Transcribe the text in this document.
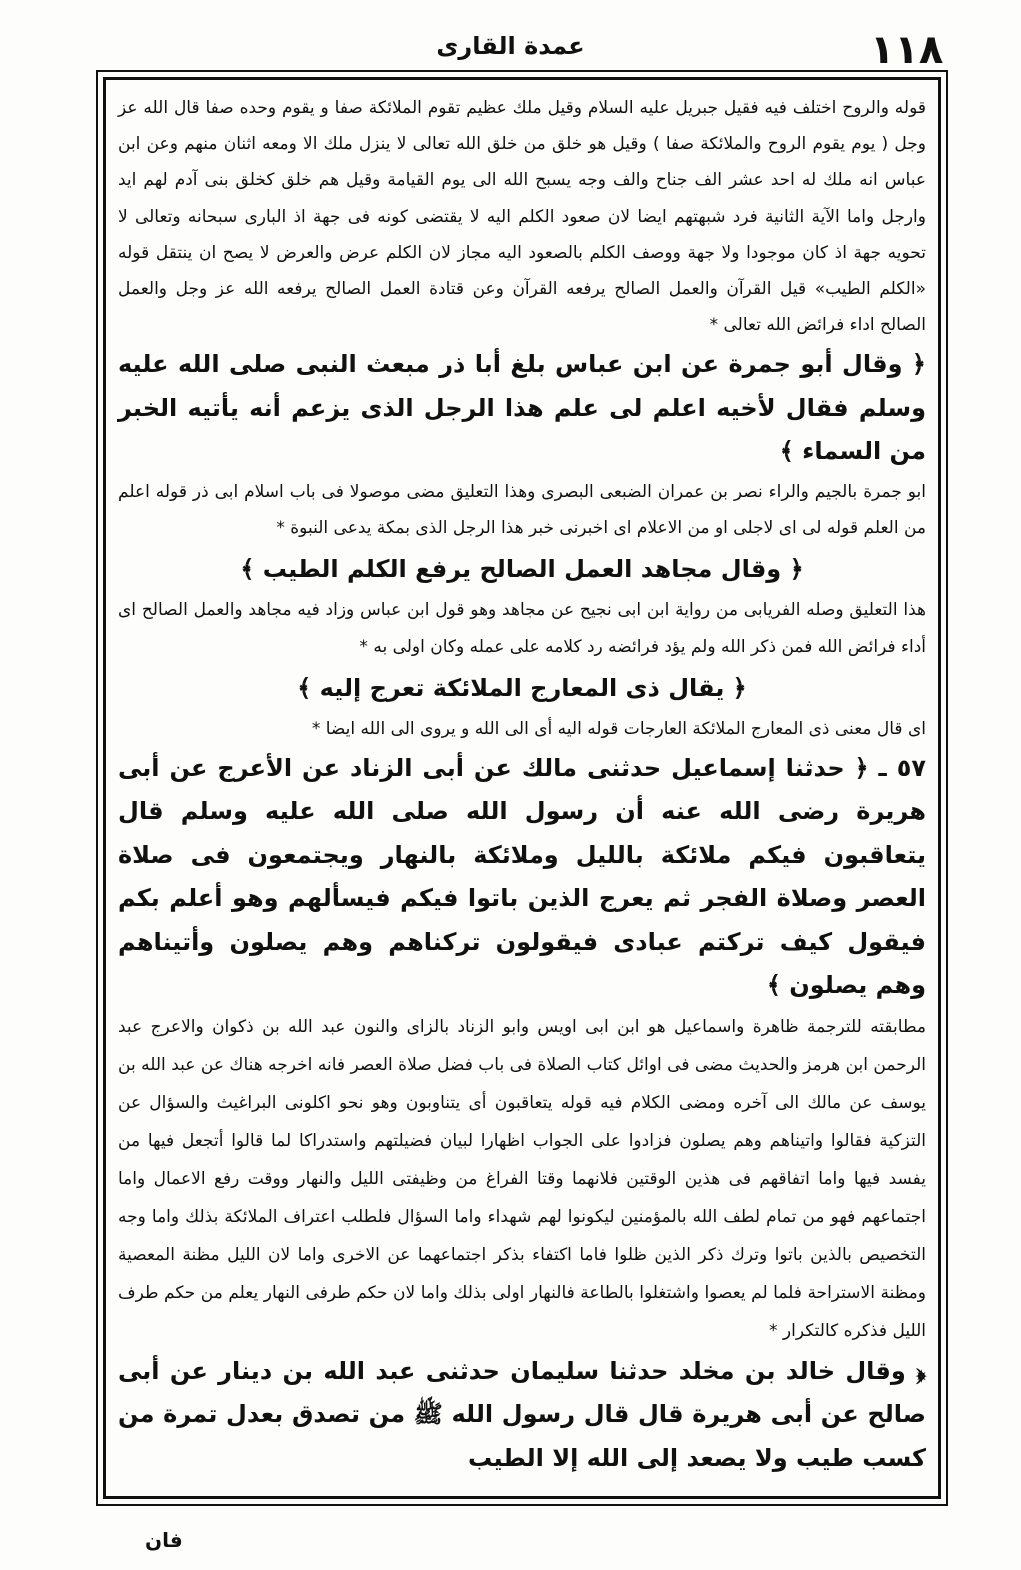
١١٨
عمدة القارى

قوله والروح اختلف فيه فقيل جبريل عليه السلام وقيل ملك عظيم تقوم الملائكة صفا و يقوم وحده صفا قال الله عز وجل ( يوم يقوم الروح والملائكة صفا ) وقيل هو خلق من خلق الله تعالى لا ينزل ملك الا ومعه اثنان منهم وعن ابن عباس انه ملك له احد عشر الف جناح والف وجه يسبح الله الى يوم القيامة وقيل هم خلق كخلق بنى آدم لهم ايد وارجل واما الآية الثانية فرد شبهتهم ايضا لان صعود الكلم اليه لا يقتضى كونه فى جهة اذ البارى سبحانه وتعالى لا تحويه جهة اذ كان موجودا ولا جهة ووصف الكلم بالصعود اليه مجاز لان الكلم عرض والعرض لا يصح ان ينتقل قوله «الكلم الطيب» قيل القرآن والعمل الصالح يرفعه القرآن وعن قتادة العمل الصالح يرفعه الله عز وجل والعمل الصالح اداء فرائض الله تعالى *

﴿ وقال أبو جمرة عن ابن عباس بلغ أبا ذر مبعث النبى صلى الله عليه وسلم فقال لأخيه اعلم لى علم هذا الرجل الذى يزعم أنه يأتيه الخبر من السماء ﴾

ابو جمرة بالجيم والراء نصر بن عمران الضبعى البصرى وهذا التعليق مضى موصولا فى باب اسلام ابى ذر قوله اعلم من العلم قوله لى اى لاجلى او من الاعلام اى اخبرنى خبر هذا الرجل الذى بمكة يدعى النبوة *

﴿ وقال مجاهد العمل الصالح يرفع الكلم الطيب ﴾

هذا التعليق وصله الفريابى من رواية ابن ابى نجيح عن مجاهد وهو قول ابن عباس وزاد فيه مجاهد والعمل الصالح اى أداء فرائض الله فمن ذكر الله ولم يؤد فرائضه رد كلامه على عمله وكان اولى به *

﴿ يقال ذى المعارج الملائكة تعرج إليه ﴾

اى قال معنى ذى المعارج الملائكة العارجات قوله اليه أى الى الله و يروى الى الله ايضا *

٥٧ ـ ﴿ حدثنا إسماعيل حدثنى مالك عن أبى الزناد عن الأعرج عن أبى هريرة رضى الله عنه أن رسول الله صلى الله عليه وسلم قال يتعاقبون فيكم ملائكة بالليل وملائكة بالنهار ويجتمعون فى صلاة العصر وصلاة الفجر ثم يعرج الذين باتوا فيكم فيسألهم وهو أعلم بكم فيقول كيف تركتم عبادى فيقولون تركناهم وهم يصلون وأتيناهم وهم يصلون ﴾

مطابقته للترجمة ظاهرة واسماعيل هو ابن ابى اويس وابو الزناد بالزاى والنون عبد الله بن ذكوان والاعرج عبد الرحمن ابن هرمز والحديث مضى فى اوائل كتاب الصلاة فى باب فضل صلاة العصر فانه اخرجه هناك عن عبد الله بن يوسف عن مالك الى آخره ومضى الكلام فيه قوله يتعاقبون أى يتناوبون وهو نحو اكلونى البراغيث والسؤال عن التزكية فقالوا واتيناهم وهم يصلون فزادوا على الجواب اظهارا لبيان فضيلتهم واستدراكا لما قالوا أتجعل فيها من يفسد فيها واما اتفاقهم فى هذين الوقتين فلانهما وقتا الفراغ من وظيفتى الليل والنهار ووقت رفع الاعمال واما اجتماعهم فهو من تمام لطف الله بالمؤمنين ليكونوا لهم شهداء واما السؤال فلطلب اعتراف الملائكة بذلك واما وجه التخصيص بالذين باتوا وترك ذكر الذين ظلوا فاما اكتفاء بذكر اجتماعهما عن الاخرى واما لان الليل مظنة المعصية ومظنة الاستراحة فلما لم يعصوا واشتغلوا بالطاعة فالنهار اولى بذلك واما لان حكم طرفى النهار يعلم من حكم طرف الليل فذكره كالتكرار *

﴿ وقال خالد بن مخلد حدثنا سليمان حدثنى عبد الله بن دينار عن أبى صالح عن أبى هريرة قال قال رسول الله ﷺ من تصدق بعدل تمرة من كسب طيب ولا يصعد إلى الله إلا الطيب

فان
